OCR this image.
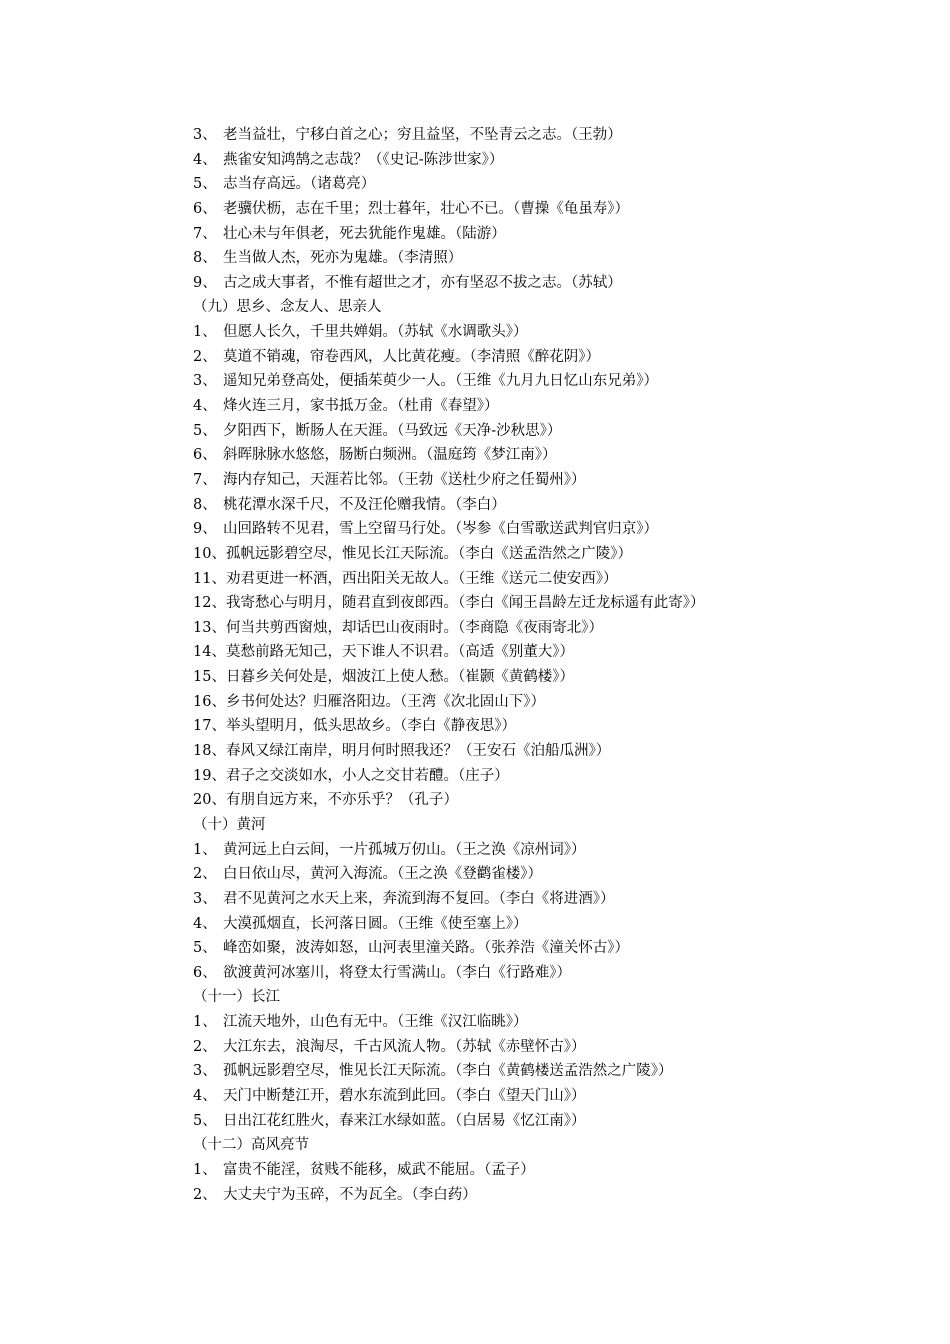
3、 老当益壮，宁移白首之心；穷且益坚，不坠青云之志。（王勃）
4、 燕雀安知鸿鹄之志哉？（《史记-陈涉世家》）
5、 志当存高远。（诸葛亮）
6、 老骥伏枥，志在千里；烈士暮年，壮心不已。（曹操《龟虽寿》）
7、 壮心未与年俱老，死去犹能作鬼雄。（陆游）
8、 生当做人杰，死亦为鬼雄。（李清照）
9、 古之成大事者，不惟有超世之才，亦有坚忍不拔之志。（苏轼）
（九）思乡、念友人、思亲人
1、 但愿人长久，千里共婵娟。（苏轼《水调歌头》）
2、 莫道不销魂，帘卷西风，人比黄花瘦。（李清照《醉花阴》）
3、 遥知兄弟登高处，便插茱萸少一人。（王维《九月九日忆山东兄弟》）
4、 烽火连三月，家书抵万金。（杜甫《春望》）
5、 夕阳西下，断肠人在天涯。（马致远《天净-沙秋思》）
6、 斜晖脉脉水悠悠，肠断白频洲。（温庭筠《梦江南》）
7、 海内存知己，天涯若比邻。（王勃《送杜少府之任蜀州》）
8、 桃花潭水深千尺，不及汪伦赠我情。（李白）
9、 山回路转不见君，雪上空留马行处。（岑参《白雪歌送武判官归京》）
10、 孤帆远影碧空尽，惟见长江天际流。（李白《送孟浩然之广陵》）
11、 劝君更进一杯酒，西出阳关无故人。（王维《送元二使安西》）
12、 我寄愁心与明月，随君直到夜郎西。（李白《闻王昌龄左迁龙标遥有此寄》）
13、 何当共剪西窗烛，却话巴山夜雨时。（李商隐《夜雨寄北》）
14、 莫愁前路无知己，天下谁人不识君。（高适《别董大》）
15、 日暮乡关何处是，烟波江上使人愁。（崔颢《黄鹤楼》）
16、 乡书何处达？归雁洛阳边。（王湾《次北固山下》）
17、 举头望明月，低头思故乡。（李白《静夜思》）
18、 春风又绿江南岸，明月何时照我还？（王安石《泊船瓜洲》）
19、 君子之交淡如水，小人之交甘若醴。（庄子）
20、 有朋自远方来，不亦乐乎？（孔子）
（十）黄河
1、 黄河远上白云间，一片孤城万仞山。（王之涣《凉州词》）
2、 白日依山尽，黄河入海流。（王之涣《登鹳雀楼》）
3、 君不见黄河之水天上来，奔流到海不复回。（李白《将进酒》）
4、 大漠孤烟直，长河落日圆。（王维《使至塞上》）
5、 峰峦如聚，波涛如怒，山河表里潼关路。（张养浩《潼关怀古》）
6、 欲渡黄河冰塞川，将登太行雪满山。（李白《行路难》）
（十一）长江
1、 江流天地外，山色有无中。（王维《汉江临眺》）
2、 大江东去，浪淘尽，千古风流人物。（苏轼《赤壁怀古》）
3、 孤帆远影碧空尽，惟见长江天际流。（李白《黄鹤楼送孟浩然之广陵》）
4、 天门中断楚江开，碧水东流到此回。（李白《望天门山》）
5、 日出江花红胜火，春来江水绿如蓝。（白居易《忆江南》）
（十二）高风亮节
1、 富贵不能淫，贫贱不能移，威武不能屈。（孟子）
2、 大丈夫宁为玉碎，不为瓦全。（李白药）
